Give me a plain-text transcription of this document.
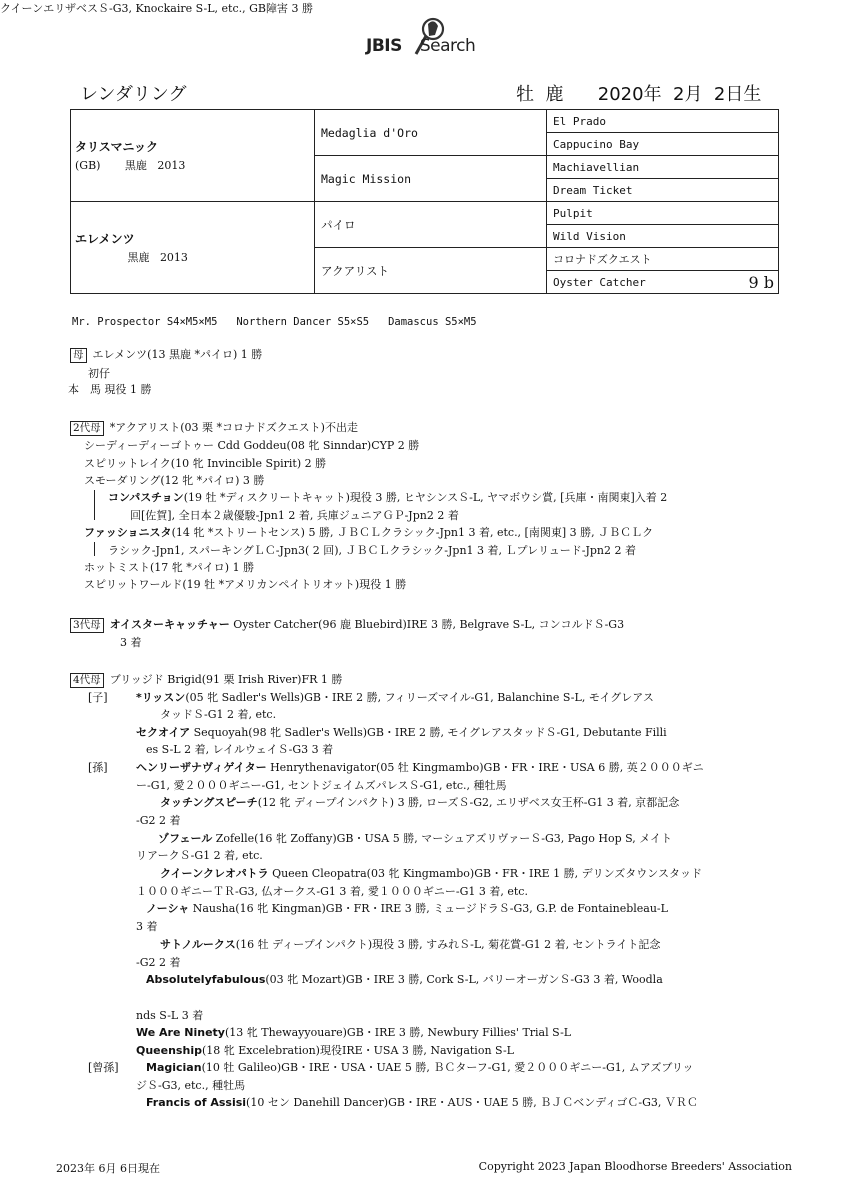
JBIS Search
レンダリング	牡  鹿      2020年  2月  2日生
タリスマニック
(GB)       黒鹿   2013	Medaglia d'Oro	El Prado
		Cappucino Bay
	Magic Mission	Machiavellian
		Dream Ticket

エレメンツ
黒鹿   2013	パイロ	Pulpit
		Wild Vision
	アクアリスト	コロナドズクエスト
		Oyster Catcher 9 b
Mr. Prospector S4×M5×M5   Northern Dancer S5×S5   Damascus S5×M5
母 エレメンツ(13 黒鹿 *パイロ) 1 勝
初仔
本　馬 現役 1 勝
2代母 *アクアリスト(03 栗 *コロナドズクエスト)不出走
シーディーディーゴトゥー Cdd Goddeu(08 牝 Sinndar)CYP 2 勝
スピリットレイク(10 牝 Invincible Spirit) 2 勝
スモーダリング(12 牝 *パイロ) 3 勝
コンパスチョン(19 牡 *ディスクリートキャット)現役 3 勝, ヒヤシンスＳ-L, ヤマボウシ賞, [兵庫・南関東]入着 2
回[佐賀], 全日本２歳優駿-Jpn1 2 着, 兵庫ジュニアＧＰ-Jpn2 2 着
ファッショニスタ(14 牝 *ストリートセンス) 5 勝, ＪＢＣＬクラシック-Jpn1 3 着, etc., [南関東] 3 勝, ＪＢＣＬク
ラシック-Jpn1, スパーキングＬＣ-Jpn3( 2 回), ＪＢＣＬクラシック-Jpn1 3 着, Ｌプレリュード-Jpn2 2 着
ホットミスト(17 牝 *パイロ) 1 勝
スピリットワールド(19 牡 *アメリカンペイトリオット)現役 1 勝
3代母 オイスターキャッチャー Oyster Catcher(96 鹿 Bluebird)IRE 3 勝, Belgrave S-L, コンコルドＳ-G3
3 着
4代母 ブリッジド Brigid(91 栗 Irish River)FR 1 勝
[子]	*リッスン(05 牝 Sadler's Wells)GB・IRE 2 勝, フィリーズマイル-G1, Balanchine S-L, モイグレアス
タッドＳ-G1 2 着, etc.
セクオイア Sequoyah(98 牝 Sadler's Wells)GB・IRE 2 勝, モイグレアスタッドＳ-G1, Debutante Filli
es S-L 2 着, レイルウェイＳ-G3 3 着
[孫]	ヘンリーザナヴィゲイター Henrythenavigator(05 牡 Kingmambo)GB・FR・IRE・USA 6 勝, 英２０００ギニ
ー-G1, 愛２０００ギニー-G1, セントジェイムズパレスＳ-G1, etc., 種牡馬
タッチングスピーチ(12 牝 ディープインパクト) 3 勝, ローズＳ-G2, エリザベス女王杯-G1 3 着, 京都記念
-G2 2 着
ゾフェール Zofelle(16 牝 Zoffany)GB・USA 5 勝, マーシュアズリヴァーＳ-G3, Pago Hop S, メイト
リアークＳ-G1 2 着, etc.
クイーンクレオパトラ Queen Cleopatra(03 牝 Kingmambo)GB・FR・IRE 1 勝, デリンズタウンスタッド
１０００ギニーＴＲ-G3, 仏オークス-G1 3 着, 愛１０００ギニー-G1 3 着, etc.
ノーシャ Nausha(16 牝 Kingman)GB・FR・IRE 3 勝, ミュージドラＳ-G3, G.P. de Fontainebleau-L
3 着
サトノルークス(16 牡 ディープインパクト)現役 3 勝, すみれＳ-L, 菊花賞-G1 2 着, セントライト記念
-G2 2 着
Absolutelyfabulous(03 牝 Mozart)GB・IRE 3 勝, Cork S-L, バリーオーガンＳ-G3 3 着, Woodla
nds S-L 3 着
We Are Ninety(13 牝 Thewayyouare)GB・IRE 3 勝, Newbury Fillies' Trial S-L
Queenship(18 牝 Excelebration)現役IRE・USA 3 勝, Navigation S-L
[曾孫] Magician(10 牡 Galileo)GB・IRE・USA・UAE 5 勝, ＢＣターフ-G1, 愛２０００ギニー-G1, ムアズブリッ
ジＳ-G3, etc., 種牡馬
Francis of Assisi(10 セン Danehill Dancer)GB・IRE・AUS・UAE 5 勝, ＢＪＣベンディゴＣ-G3, ＶＲＣ
クイーンエリザベスＳ-G3, Knockaire S-L, etc., GB障害 3 勝
2023年 6月 6日現在	Copyright 2023 Japan Bloodhorse Breeders' Association
